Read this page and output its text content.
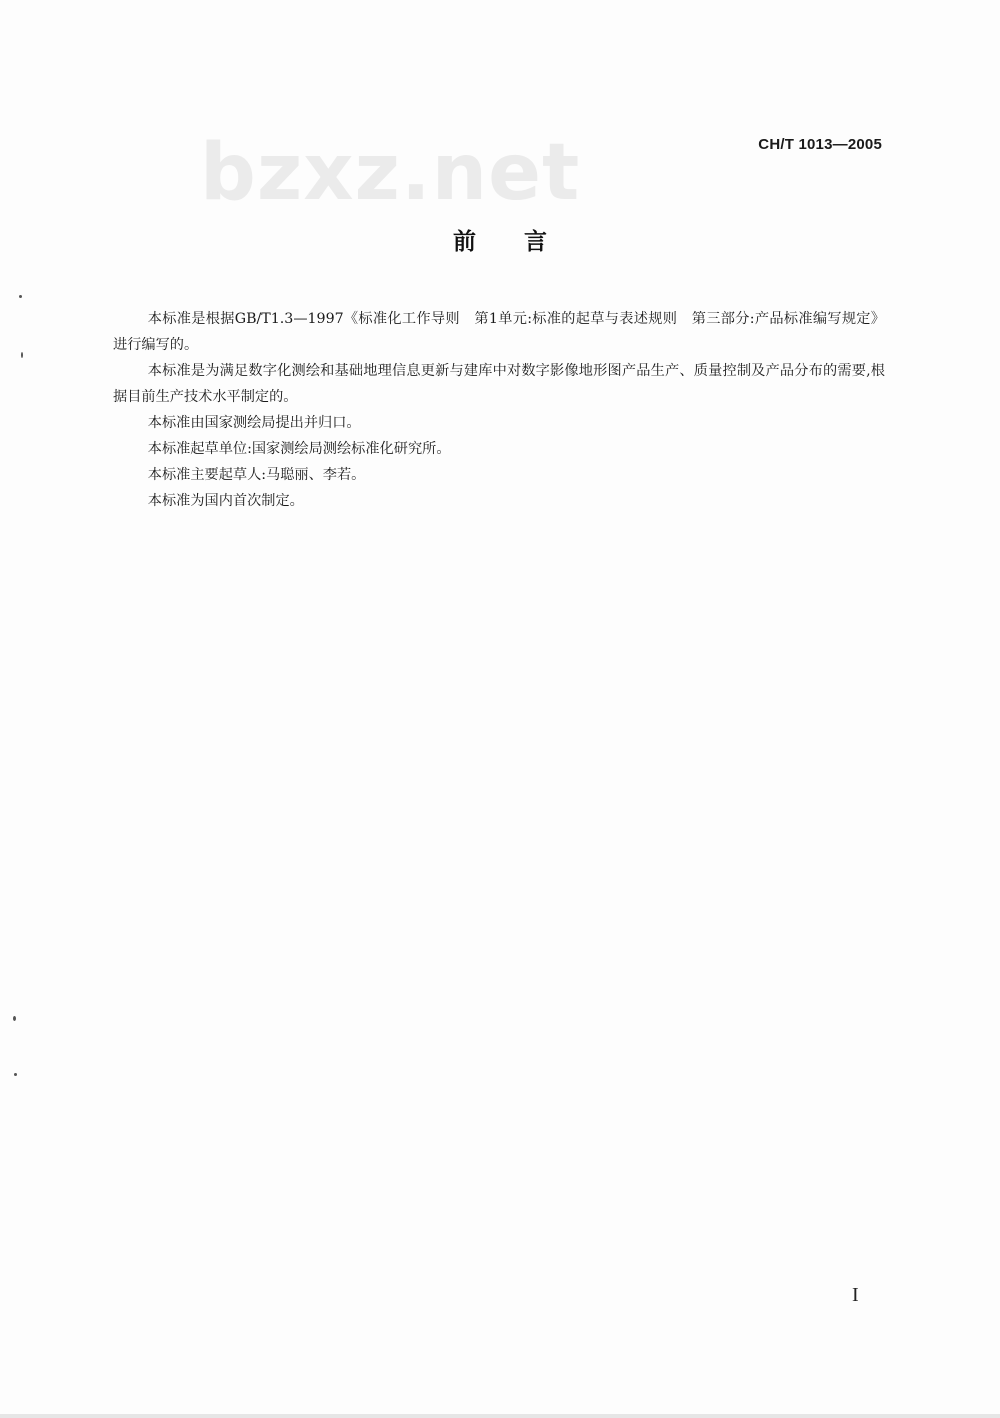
bzxz.net	CH/T 1013—2005
前 言

本标准是根据GB/T1.3—1997《标准化工作导则　第1单元:标准的起草与表述规则　第三部分:产品标准编写规定》进行编写的。

本标准是为满足数字化测绘和基础地理信息更新与建库中对数字影像地形图产品生产、质量控制及产品分布的需要,根据目前生产技术水平制定的。

本标准由国家测绘局提出并归口。

本标准起草单位:国家测绘局测绘标准化研究所。

本标准主要起草人:马聪丽、李若。

本标准为国内首次制定。

I
